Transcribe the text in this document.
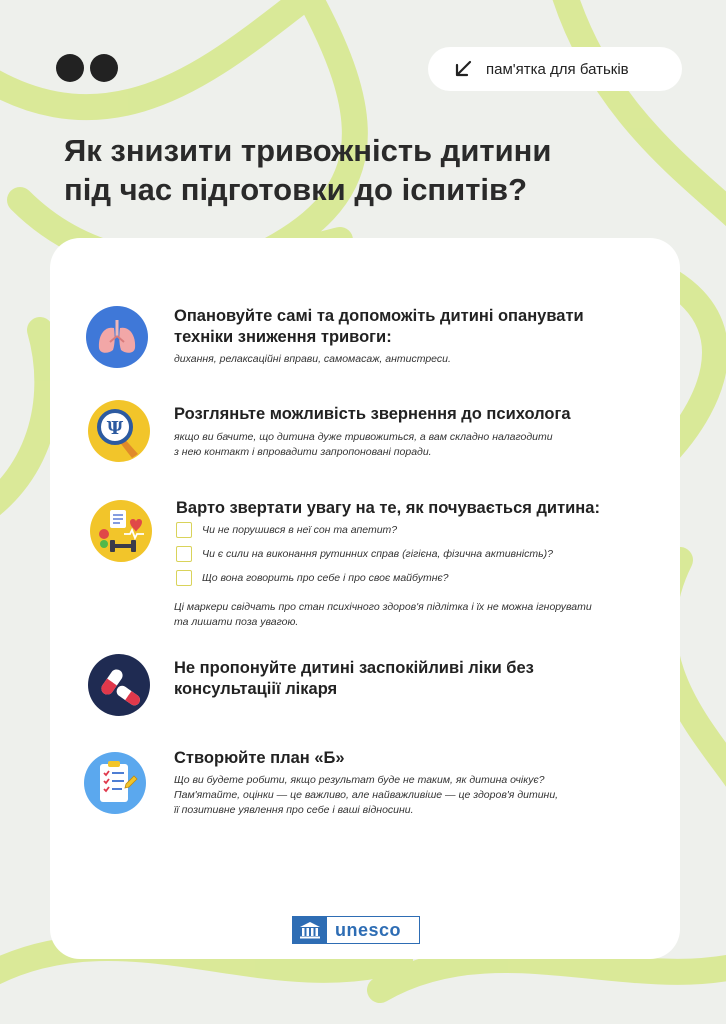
пам'ятка для батьків
Як знизити тривожність дитини
під час підготовки до іспитів?

Опановуйте самі та допоможіть дитині опанувати
техніки зниження тривоги:

дихання, релаксаційні вправи, самомасаж, антистреси.

Ψ

Розгляньте можливість звернення до психолога

якщо ви бачите, що дитина дуже тривожиться, а вам складно налагодити
з нею контакт і впровадити запропоновані поради.

Варто звертати увагу на те, як почувається дитина:

Чи не порушився в неї сон та апетит?
Чи є сили на виконання рутинних справ (гігієна, фізична активність)?
Що вона говорить про себе і про своє майбутнє?

Ці маркери свідчать про стан психічного здоров'я підлітка і їх не можна ігнорувати
та лишати поза увагою.

Не пропонуйте дитині заспокійливі ліки без
консультаціії лікаря

Створюйте план «Б»

Що ви будете робити, якщо результат буде не таким, як дитина очікує?
Пам'ятайте, оцінки — це важливо, але найважливіше — це здоров'я дитини,
її позитивне уявлення про себе і ваші відносини.

unesco
